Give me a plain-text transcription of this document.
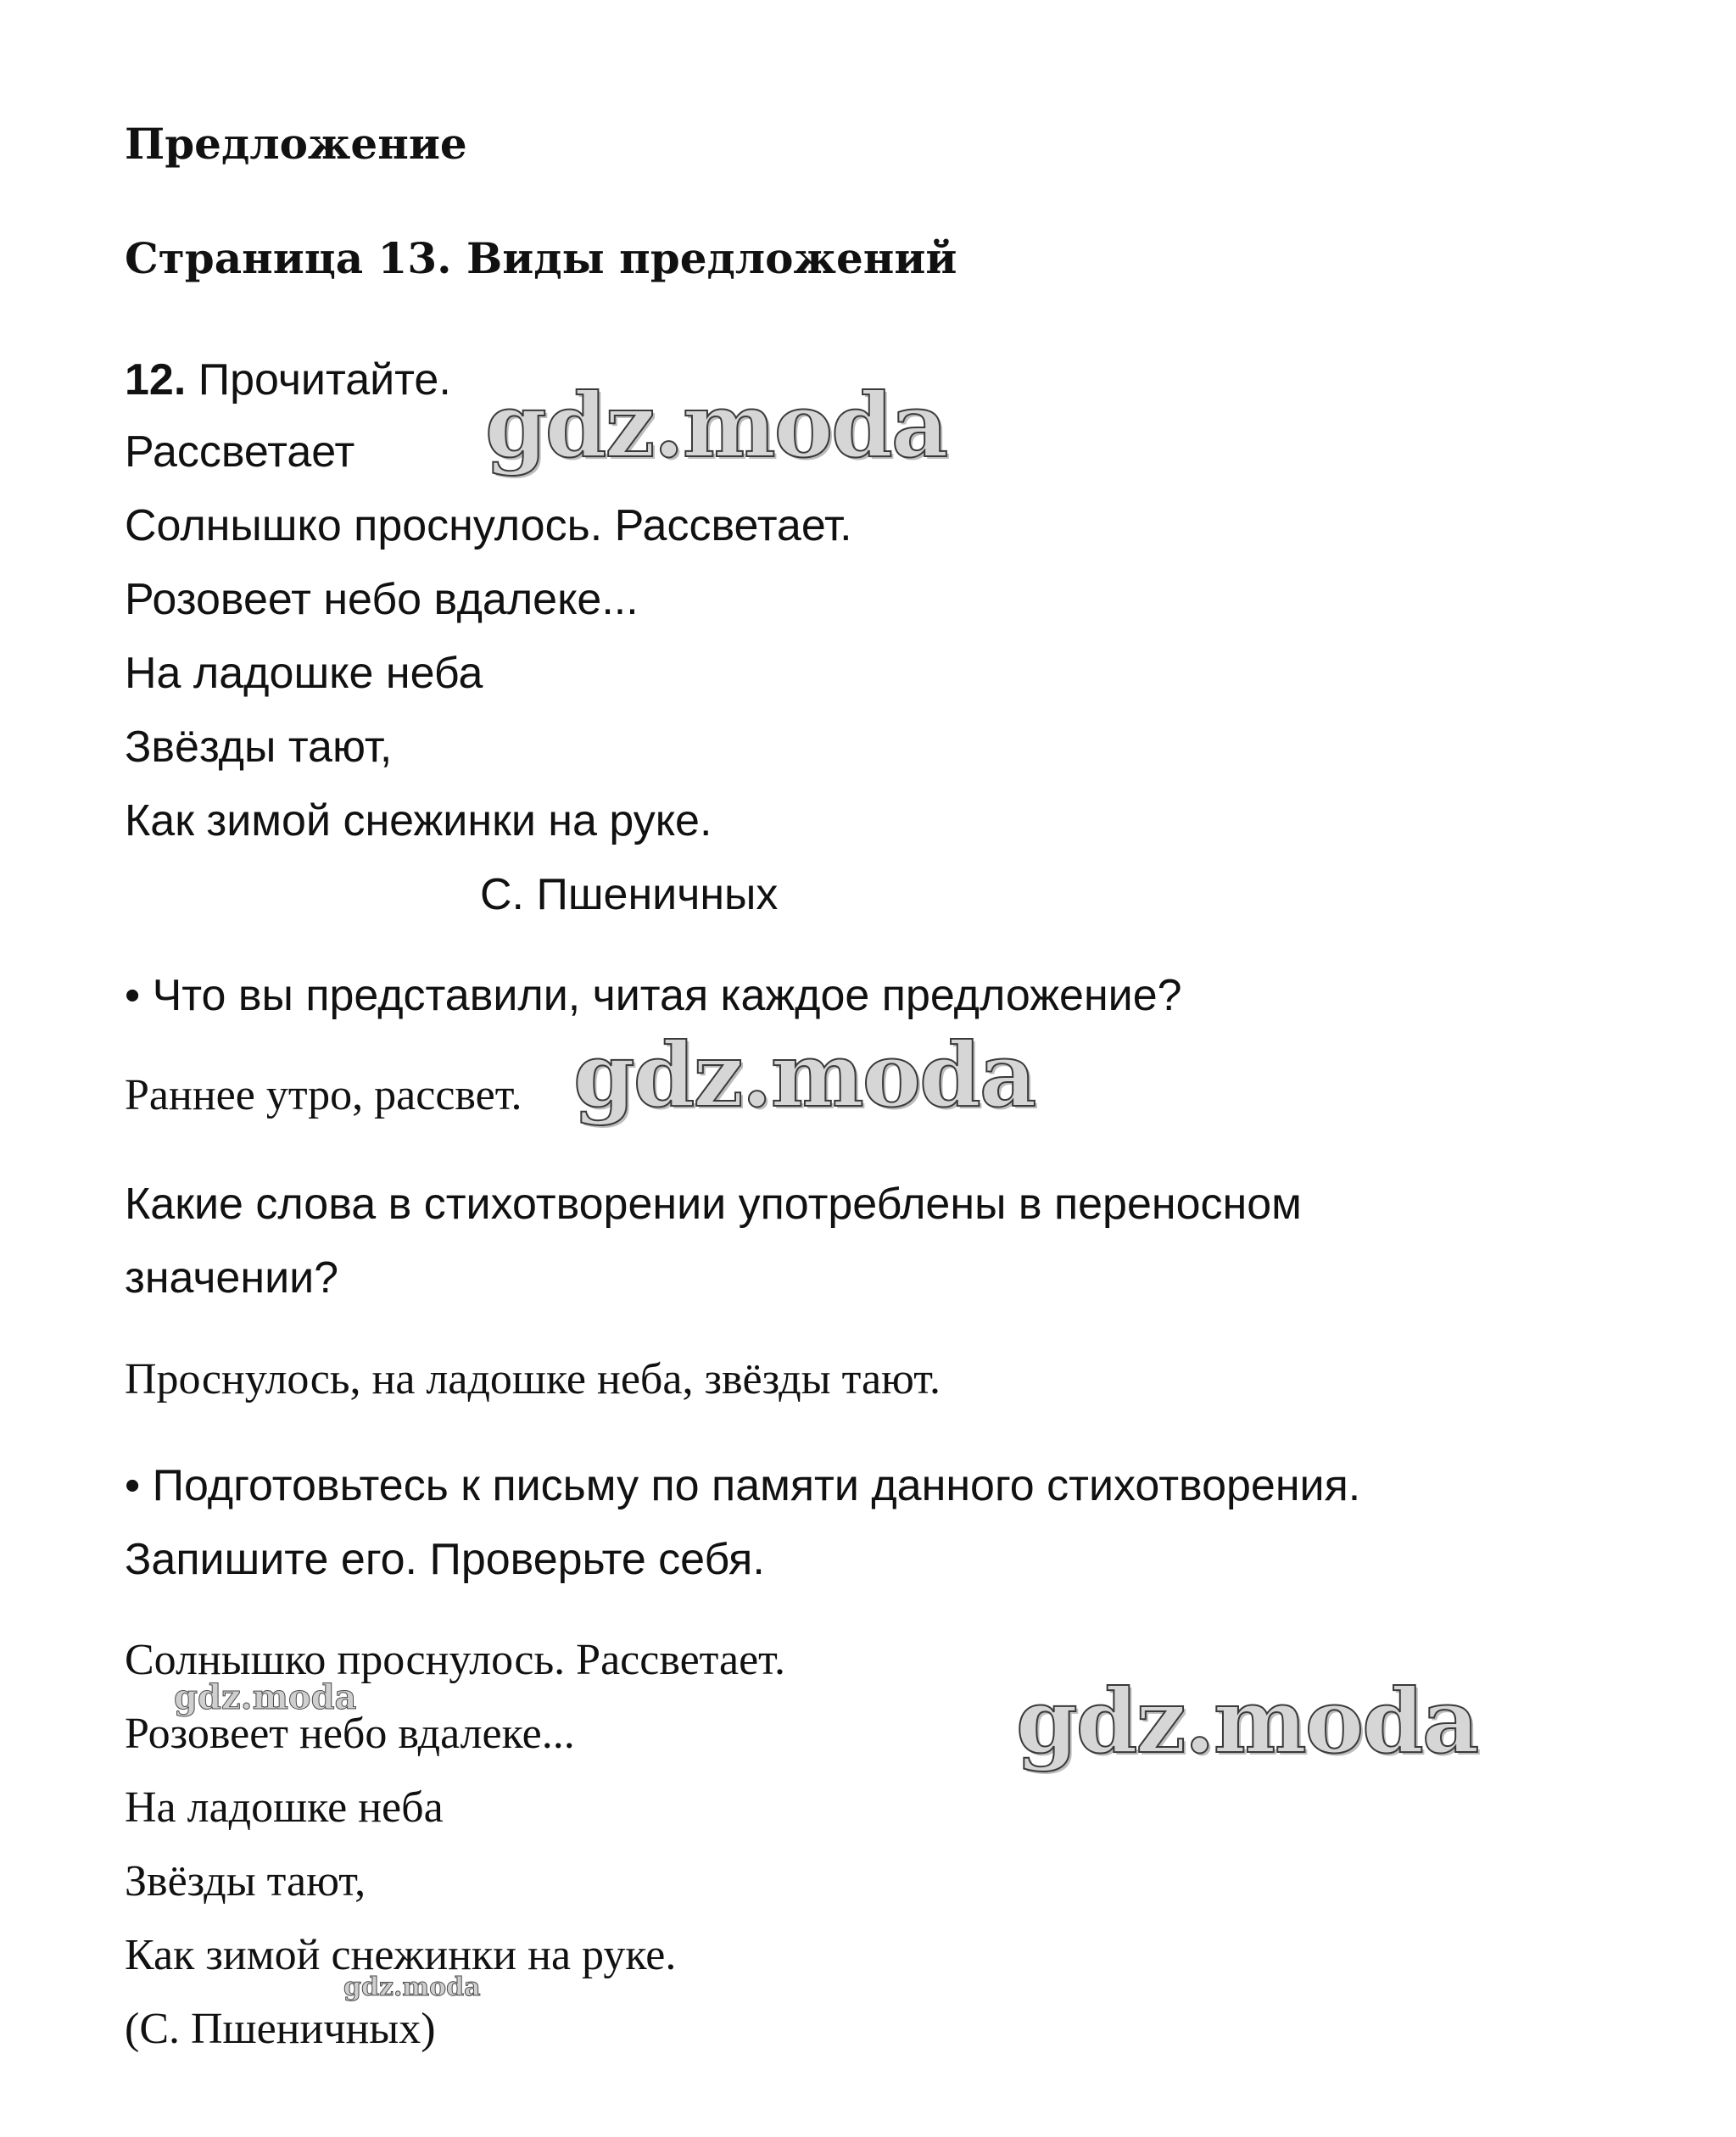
Предложение
Страница 13. Виды предложений
12. Прочитайте.
Рассветает
Солнышко проснулось. Рассветает.
Розовеет небо вдалеке...
На ладошке неба
Звёзды тают,
Как зимой снежинки на руке.
С. Пшеничных
• Что вы представили, читая каждое предложение?
Раннее утро, рассвет.
Какие слова в стихотворении употреблены в переносном
значении?
Проснулось, на ладошке неба, звёзды тают.
• Подготовьтесь к письму по памяти данного стихотворения.
Запишите его. Проверьте себя.
Солнышко проснулось. Рассветает.
Розовеет небо вдалеке...
На ладошке неба
Звёзды тают,
Как зимой снежинки на руке.
(С. Пшеничных)
gdz.moda
gdz.moda
gdz.moda
gdz.moda
gdz.moda
